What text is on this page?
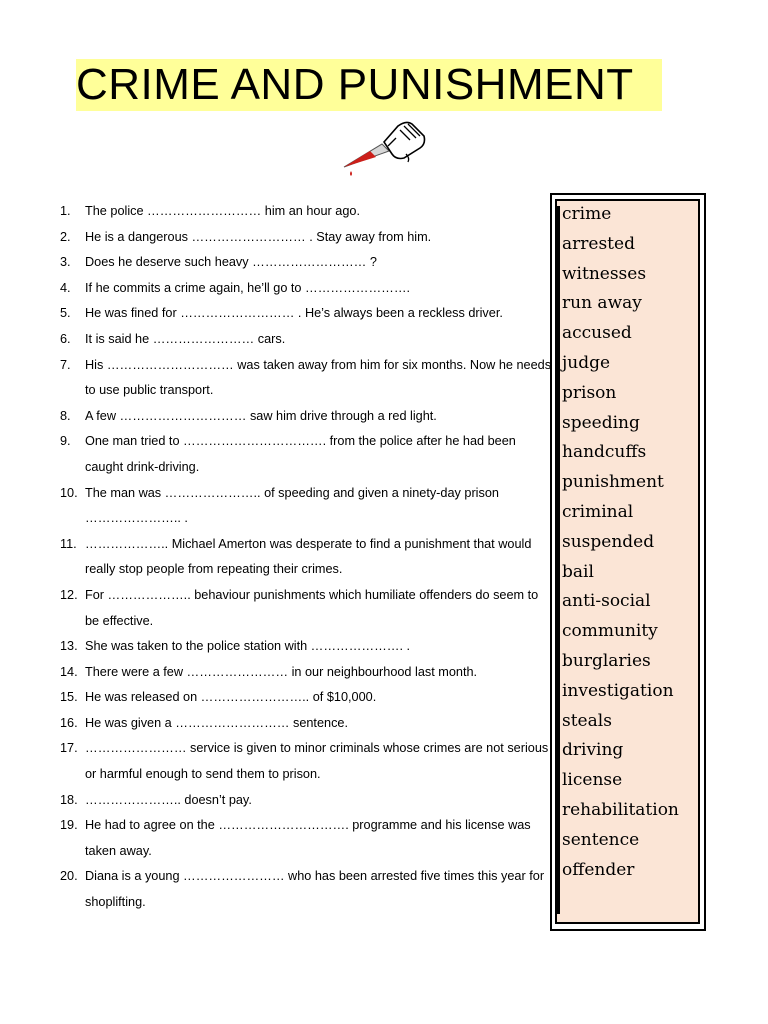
CRIME AND PUNISHMENT
1. The police ……………………… him an hour ago.
2. He is a dangerous ……………………… . Stay away from him.
3. Does he deserve such heavy ……………………… ?
4. If he commits a crime again, he’ll go to …………………….
5. He was fined for ……………………… . He’s always been a reckless driver.
6. It is said he …………………… cars.
7. His ………………………… was taken away from him for six months. Now he needs to use public transport.
8. A few ………………………… saw him drive through a red light.
9. One man tried to ……………………………. from the police after he had been caught drink-driving.
10. The man was ………………….. of speeding and given a ninety-day prison ………………….. .
11. ……………….. Michael Amerton was desperate to find a punishment that would really stop people from repeating their crimes.
12. For ……………….. behaviour punishments which humiliate offenders do seem to be effective.
13. She was taken to the police station with …………………. .
14. There were a few …………………… in our neighbourhood last month.
15. He was released on …………………….. of $10,000.
16. He was given a ……………………… sentence.
17. …………………… service is given to minor criminals whose crimes are not serious or harmful enough to send them to prison.
18. ………………….. doesn’t pay.
19. He had to agree on the …………………………. programme and his license was taken away.
20. Diana is a young …………………… who has been arrested five times this year for shoplifting.
crime
arrested
witnesses
run away
accused
judge
prison
speeding
handcuffs
punishment
criminal
suspended
bail
anti-social
community
burglaries
investigation
steals
driving
license
rehabilitation
sentence
offender
